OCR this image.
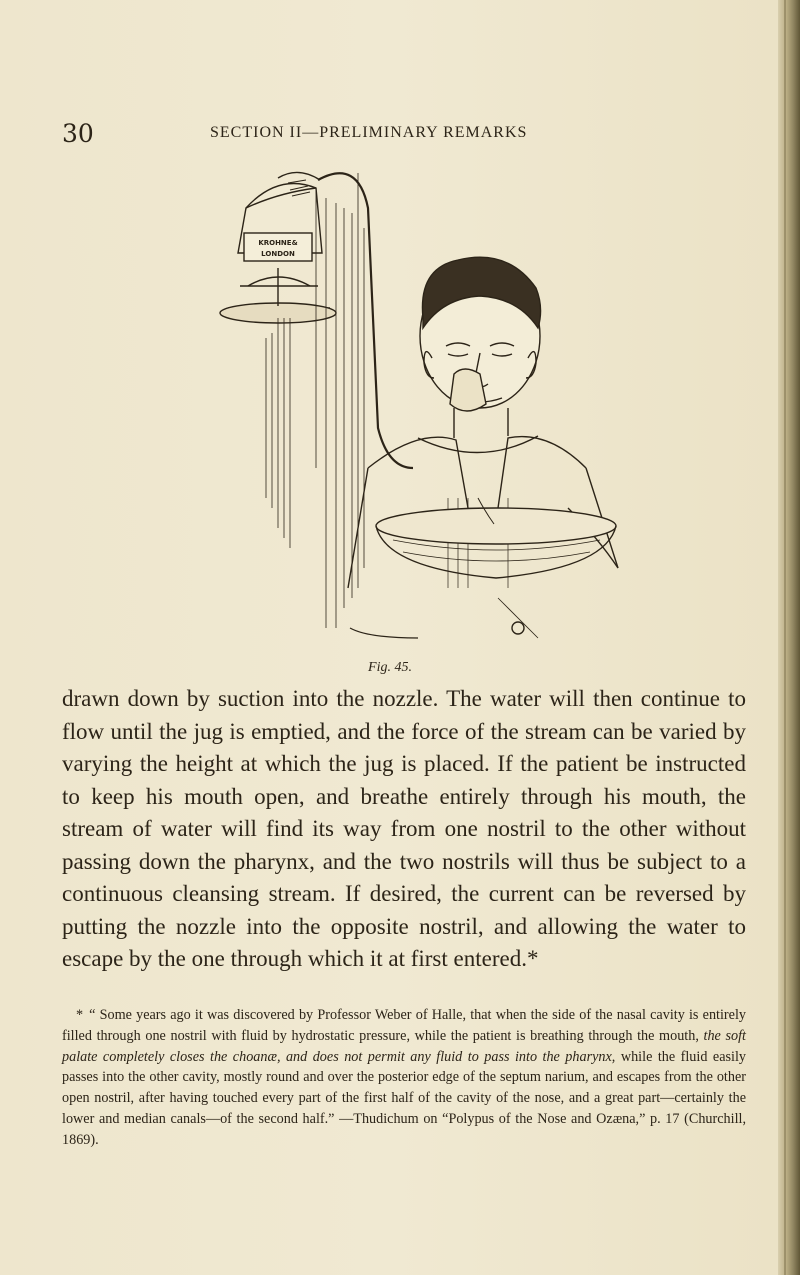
30	SECTION II—PRELIMINARY REMARKS
KROHNE&
LONDON
Fig. 45.

drawn down by suction into the nozzle. The water will then continue to flow until the jug is emptied, and the force of the stream can be varied by varying the height at which the jug is placed. If the patient be instructed to keep his mouth open, and breathe entirely through his mouth, the stream of water will find its way from one nostril to the other without passing down the pharynx, and the two nostrils will thus be subject to a continuous cleansing stream. If desired, the current can be reversed by putting the nozzle into the opposite nostril, and allowing the water to escape by the one through which it at first entered.*

* “ Some years ago it was discovered by Professor Weber of Halle, that when the side of the nasal cavity is entirely filled through one nostril with fluid by hydrostatic pressure, while the patient is breathing through the mouth, the soft palate completely closes the choanæ, and does not permit any fluid to pass into the pharynx, while the fluid easily passes into the other cavity, mostly round and over the posterior edge of the septum narium, and escapes from the other open nostril, after having touched every part of the first half of the cavity of the nose, and a great part—certainly the lower and median canals—of the second half.” —Thudichum on “Polypus of the Nose and Ozæna,” p. 17 (Churchill, 1869).
